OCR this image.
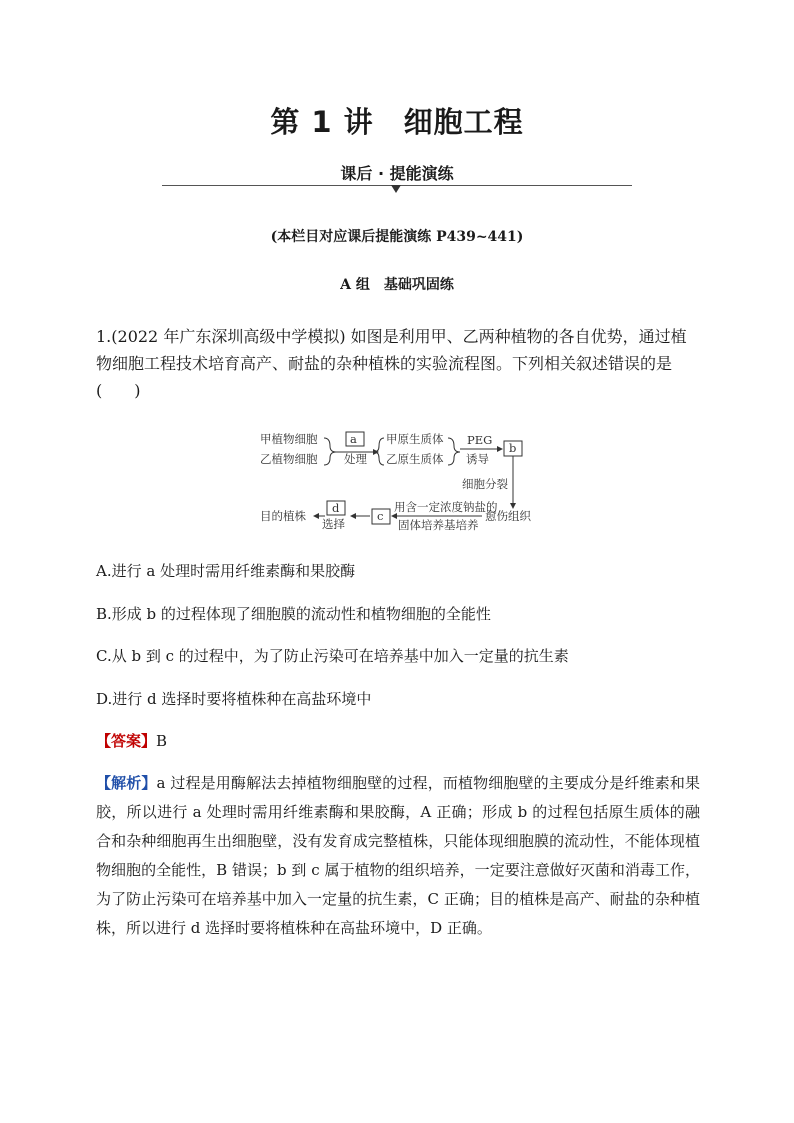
第 1 讲　细胞工程
课后 · 提能演练
(本栏目对应课后提能演练 P439~441)
A 组　基础巩固练
1.(2022 年广东深圳高级中学模拟) 如图是利用甲、乙两种植物的各自优势，通过植物细胞工程技术培育高产、耐盐的杂种植株的实验流程图。下列相关叙述错误的是
(　　)
甲植物细胞
乙植物细胞
a
处理
甲原生质体
乙原生质体
PEG
诱导
b
细胞分裂
愈伤组织
用含一定浓度钠盐的
固体培养基培养
c
d
选择
目的植株
A.进行 a 处理时需用纤维素酶和果胶酶
B.形成 b 的过程体现了细胞膜的流动性和植物细胞的全能性
C.从 b 到 c 的过程中，为了防止污染可在培养基中加入一定量的抗生素
D.进行 d 选择时要将植株种在高盐环境中
【答案】B
【解析】a 过程是用酶解法去掉植物细胞壁的过程，而植物细胞壁的主要成分是纤维素和果胶，所以进行 a 处理时需用纤维素酶和果胶酶，A 正确；形成 b 的过程包括原生质体的融合和杂种细胞再生出细胞壁，没有发育成完整植株，只能体现细胞膜的流动性，不能体现植物细胞的全能性，B 错误；b 到 c 属于植物的组织培养，一定要注意做好灭菌和消毒工作，为了防止污染可在培养基中加入一定量的抗生素，C 正确；目的植株是高产、耐盐的杂种植株，所以进行 d 选择时要将植株种在高盐环境中，D 正确。
